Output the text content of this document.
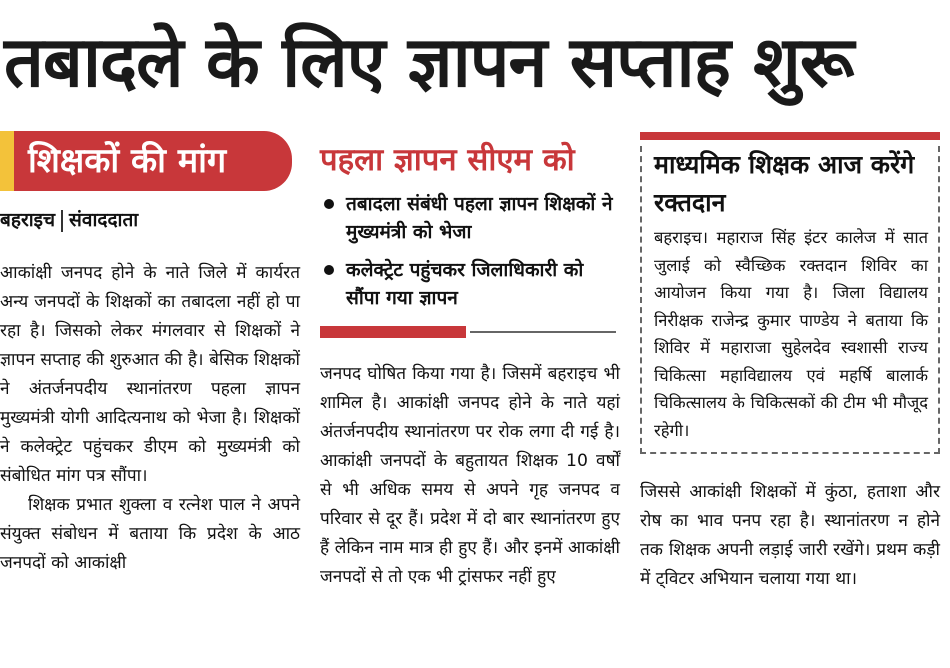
तबादले के लिए ज्ञापन सप्ताह शुरू
शिक्षकों की मांग
बहराइच संवाददाता

आकांक्षी जनपद होने के नाते जिले में कार्यरत अन्य जनपदों के शिक्षकों का तबादला नहीं हो पा रहा है। जिसको लेकर मंगलवार से शिक्षकों ने ज्ञापन सप्ताह की शुरुआत की है। बेसिक शिक्षकों ने अंतर्जनपदीय स्थानांतरण पहला ज्ञापन मुख्यमंत्री योगी आदित्यनाथ को भेजा है। शिक्षकों ने कलेक्ट्रेट पहुंचकर डीएम को मुख्यमंत्री को संबोधित मांग पत्र सौंपा।

शिक्षक प्रभात शुक्ला व रत्नेश पाल ने अपने संयुक्त संबोधन में बताया कि प्रदेश के आठ जनपदों को आकांक्षी

पहला ज्ञापन सीएम को
तबादला संबंधी पहला ज्ञापन शिक्षकों ने मुख्यमंत्री को भेजा
कलेक्ट्रेट पहुंचकर जिलाधिकारी को सौंपा गया ज्ञापन

जनपद घोषित किया गया है। जिसमें बहराइच भी शामिल है। आकांक्षी जनपद होने के नाते यहां अंतर्जनपदीय स्थानांतरण पर रोक लगा दी गई है। आकांक्षी जनपदों के बहुतायत शिक्षक 10 वर्षों से भी अधिक समय से अपने गृह जनपद व परिवार से दूर हैं। प्रदेश में दो बार स्थानांतरण हुए हैं लेकिन नाम मात्र ही हुए हैं। और इनमें आकांक्षी जनपदों से तो एक भी ट्रांसफर नहीं हुए

माध्यमिक शिक्षक आज करेंगे रक्तदान

बहराइच। महाराज सिंह इंटर कालेज में सात जुलाई को स्वैच्छिक रक्तदान शिविर का आयोजन किया गया है। जिला विद्यालय निरीक्षक राजेन्द्र कुमार पाण्डेय ने बताया कि शिविर में महाराजा सुहेलदेव स्वशासी राज्य चिकित्सा महाविद्यालय एवं महर्षि बालार्क चिकित्सालय के चिकित्सकों की टीम भी मौजूद रहेगी।

जिससे आकांक्षी शिक्षकों में कुंठा, हताशा और रोष का भाव पनप रहा है। स्थानांतरण न होने तक शिक्षक अपनी लड़ाई जारी रखेंगे। प्रथम कड़ी में ट्विटर अभियान चलाया गया था।
